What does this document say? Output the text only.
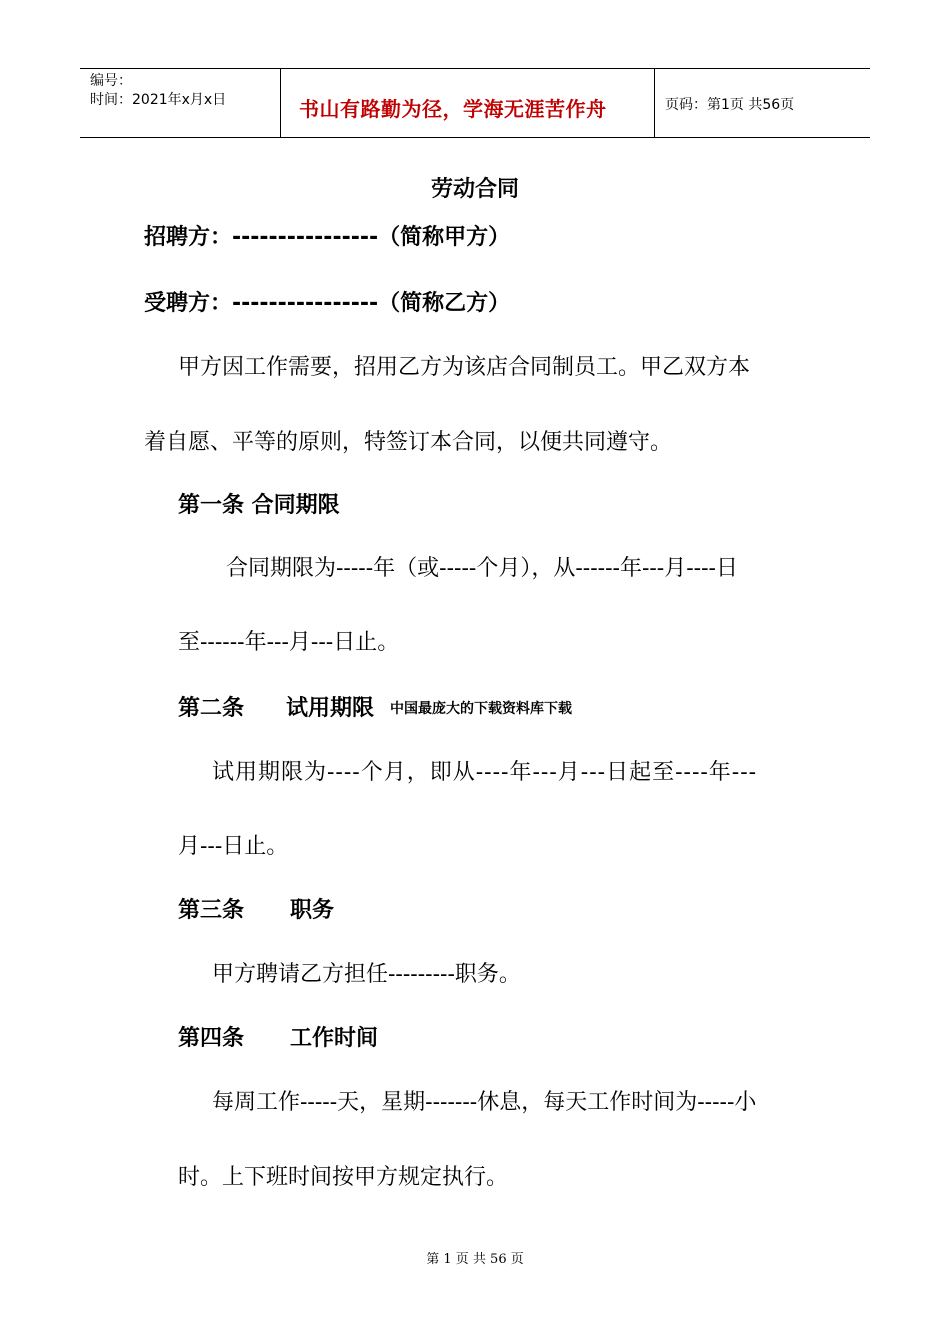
编号：
时间：2021年x月x日	书山有路勤为径，学海无涯苦作舟	页码：第1页 共56页
劳动合同
招聘方：----------------（简称甲方）
受聘方：----------------（简称乙方）
甲方因工作需要，招用乙方为该店合同制员工。甲乙双方本
着自愿、平等的原则，特签订本合同，以便共同遵守。
第一条 合同期限
合同期限为-----年（或-----个月），从------年---月----日
至------年---月---日止。
第二条 试用期限 中国最庞大的下载资料库下载
试用期限为----个月，即从----年---月---日起至----年---
月---日止。
第三条 职务
甲方聘请乙方担任---------职务。
第四条 工作时间
每周工作-----天，星期-------休息，每天工作时间为-----小
时。上下班时间按甲方规定执行。
第 1 页 共 56 页
